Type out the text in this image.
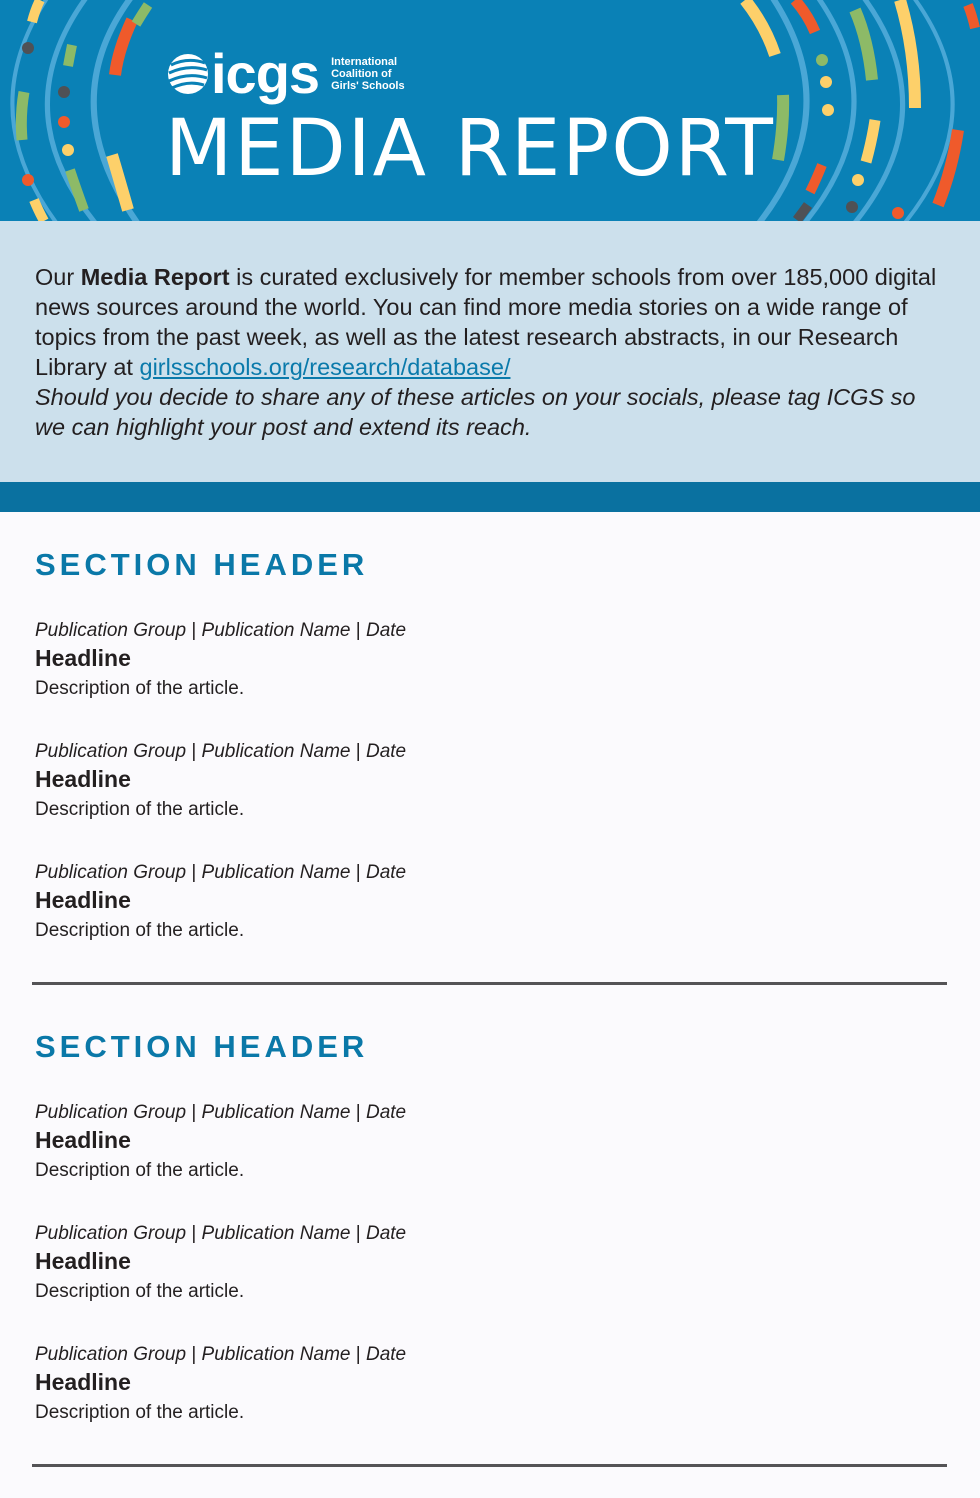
icgs International
Coalition of
Girls' Schools
MEDIA REPORT
Our Media Report is curated exclusively for member schools from over 185,000 digital news sources around the world. You can find more media stories on a wide range of topics from the past week, as well as the latest research abstracts, in our Research Library at girlsschools.org/research/database/
Should you decide to share any of these articles on your socials, please tag ICGS so we can highlight your post and extend its reach.
SECTION HEADER
Publication Group | Publication Name | Date
Headline
Description of the article.
Publication Group | Publication Name | Date
Headline
Description of the article.
Publication Group | Publication Name | Date
Headline
Description of the article.
SECTION HEADER
Publication Group | Publication Name | Date
Headline
Description of the article.
Publication Group | Publication Name | Date
Headline
Description of the article.
Publication Group | Publication Name | Date
Headline
Description of the article.
